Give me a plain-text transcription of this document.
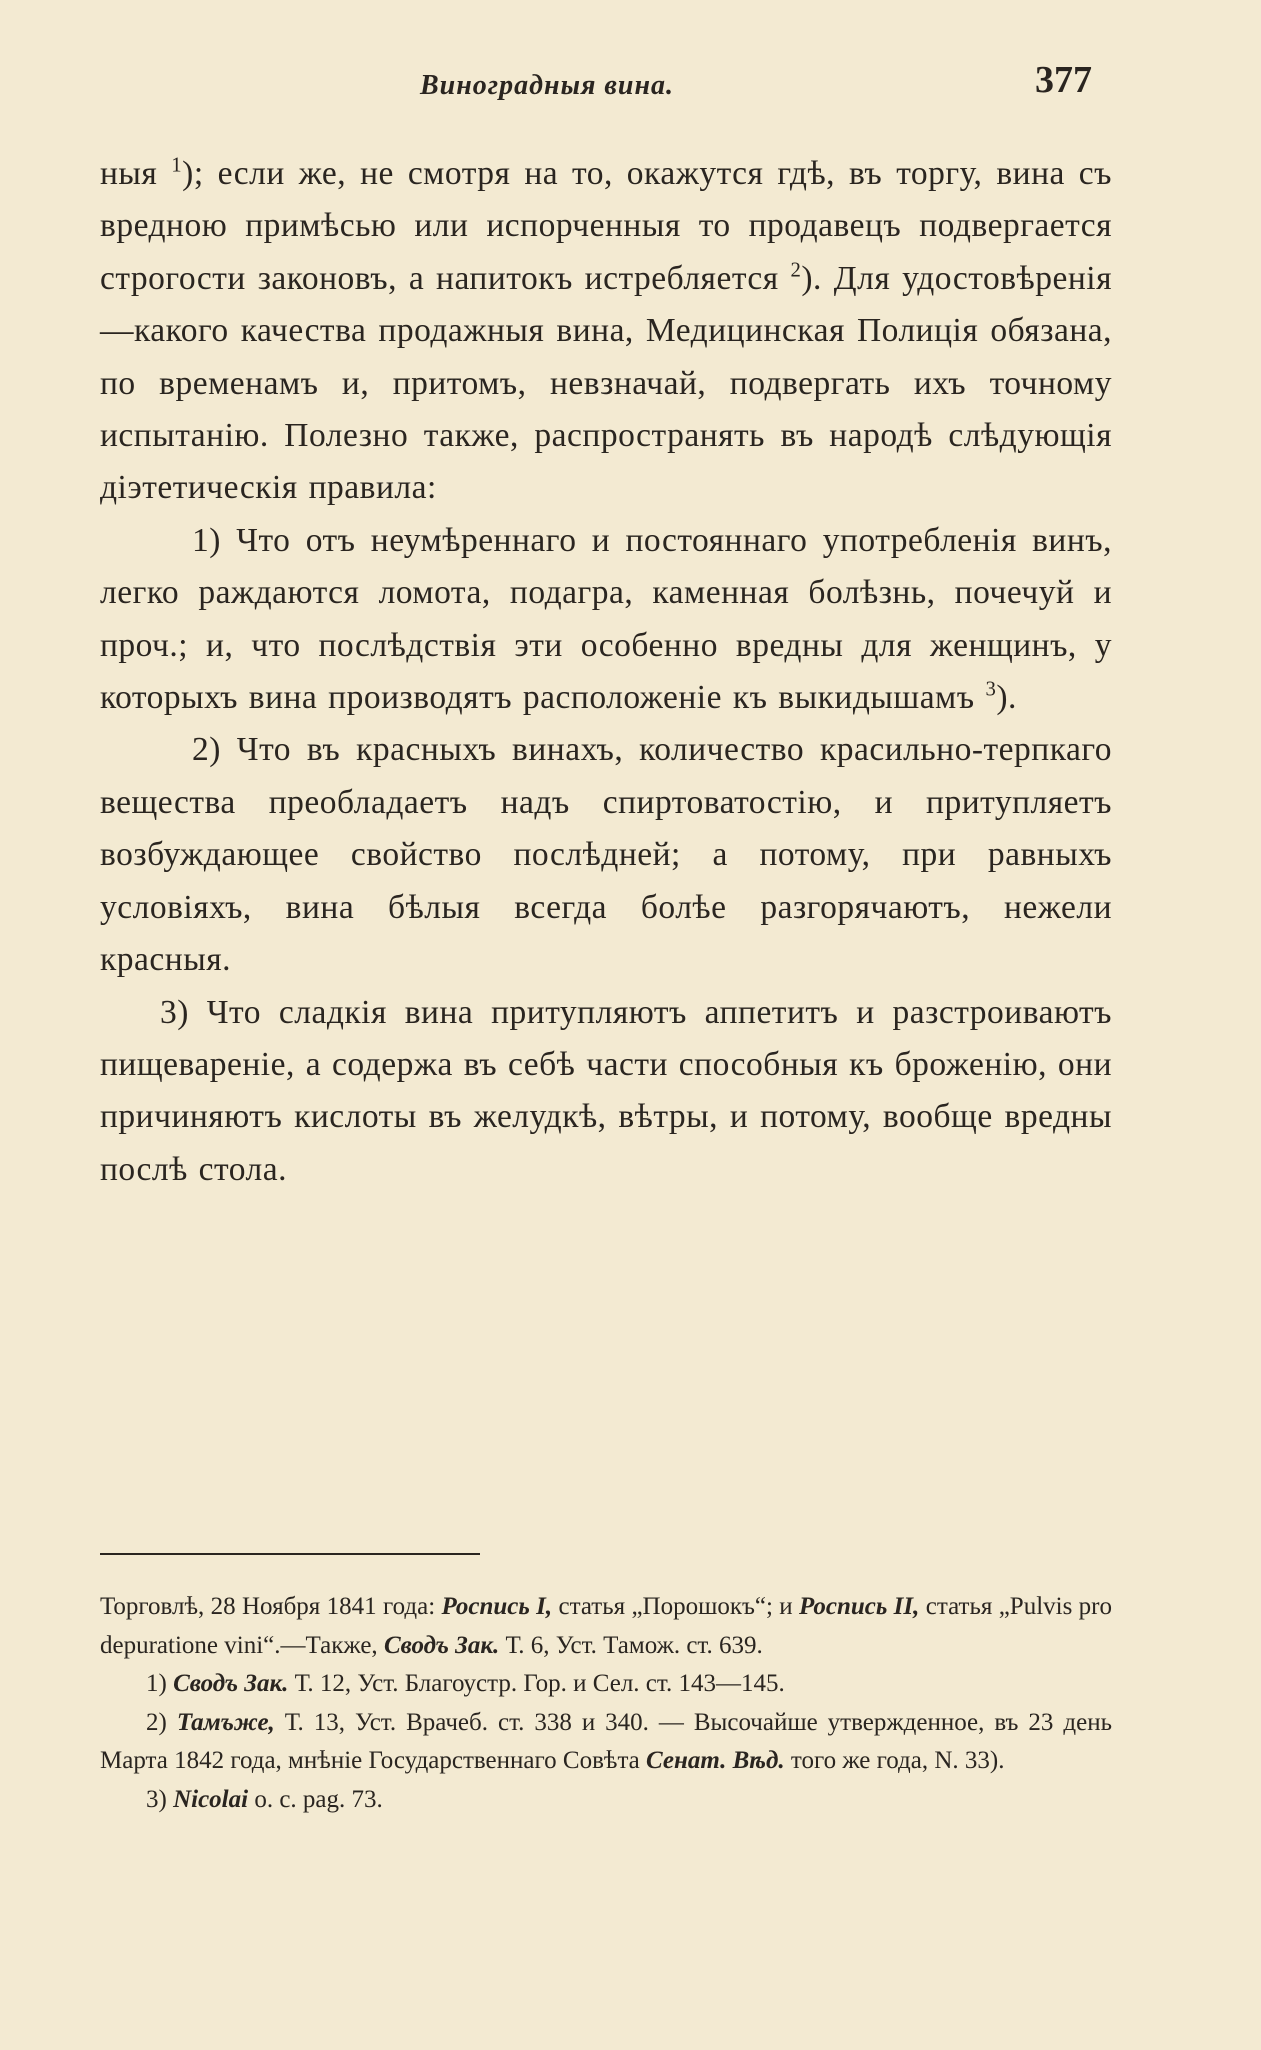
Виноградныя вина.	377

ныя $^1$); если же, не смотря на то, окажутся гдѣ, въ торгу, вина съ вредною примѣсью или испорченныя то продавецъ подвергается строгости законовъ, а напитокъ истребляется $^2$). Для удостовѣренія—какого качества продажныя вина, Медицинская Полиція обязана, по временамъ и, притомъ, невзначай, подвергать ихъ точному испытанію. Полезно также, распространять въ народѣ слѣдующія діэтетическія правила:

1) Что отъ неумѣреннаго и постояннаго употребленія винъ, легко раждаются ломота, подагра, каменная болѣзнь, почечуй и проч.; и, что послѣдствія эти особенно вредны для женщинъ, у которыхъ вина производятъ расположеніе къ выкидышамъ $^3$).

2) Что въ красныхъ винахъ, количество красильно-терпкаго вещества преобладаетъ надъ спиртоватостію, и притупляетъ возбуждающее свойство послѣдней; а потому, при равныхъ условіяхъ, вина бѣлыя всегда болѣе разгорячаютъ, нежели красныя.

3) Что сладкія вина притупляютъ аппетитъ и разстроиваютъ пищевареніе, а содержа въ себѣ части способныя къ броженію, они причиняютъ кислоты въ желудкѣ, вѣтры, и потому, вообще вредны послѣ стола.

Торговлѣ, 28 Ноября 1841 года: Роспись I, статья „Порошокъ“; и Роспись II, статья „Pulvis pro depuratione vini“.—Также, Сводъ Зак. Т. 6, Уст. Тамож. ст. 639.

1) Сводъ Зак. Т. 12, Уст. Благоустр. Гор. и Сел. ст. 143—145.

2) Тамъже, Т. 13, Уст. Врачеб. ст. 338 и 340. — Высочайше утвержденное, въ 23 день Марта 1842 года, мнѣніе Государственнаго Совѣта Сенат. Вѣд. того же года, N. 33).

3) Nicolai o. c. pag. 73.
